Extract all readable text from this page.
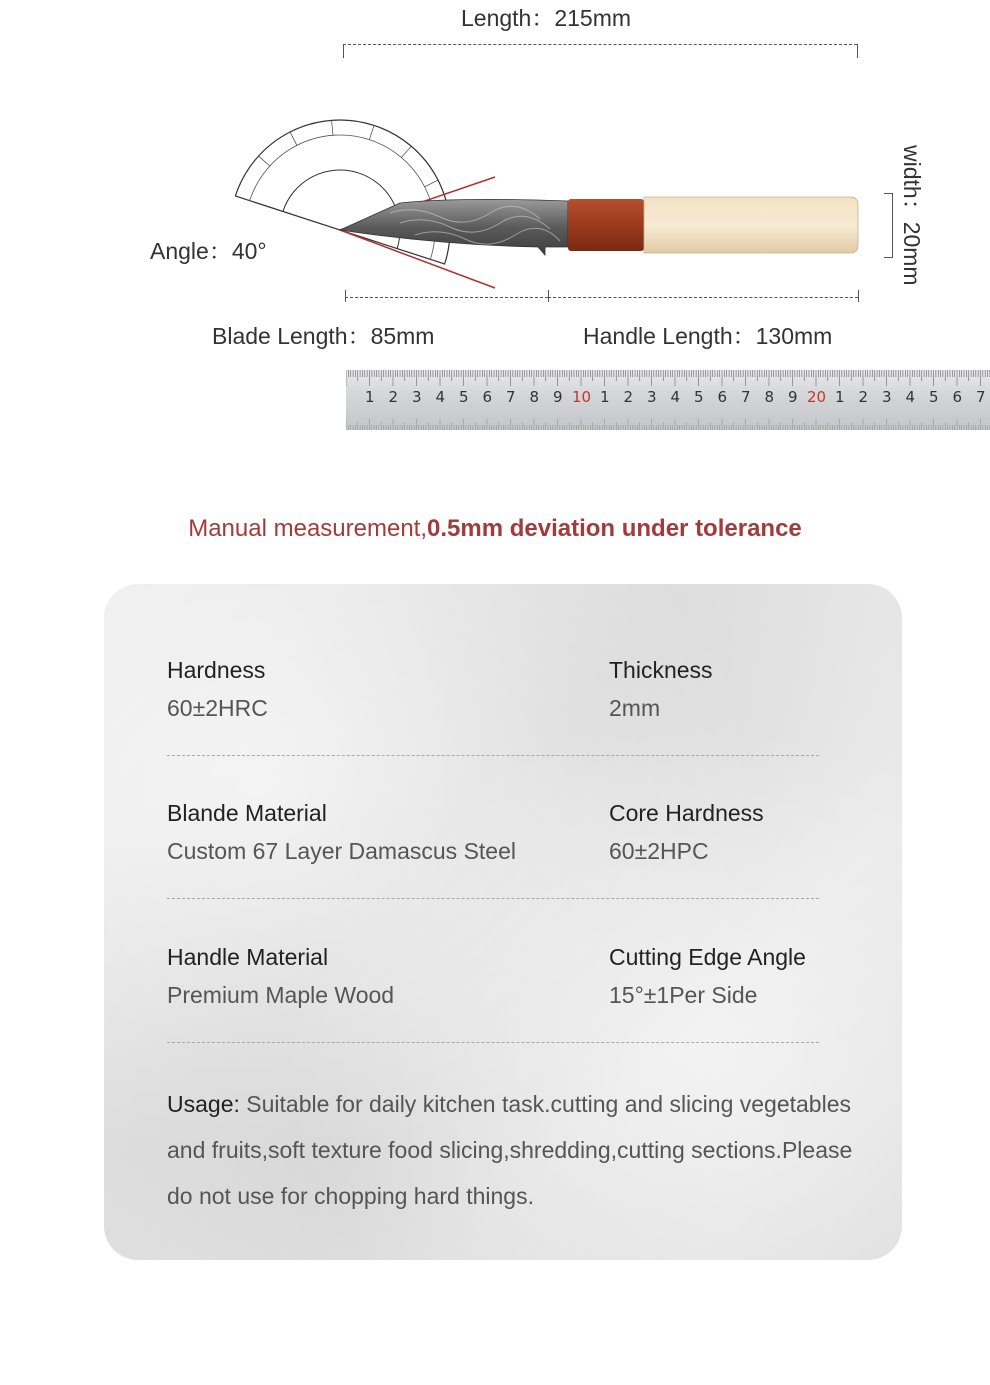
Length：215mm
width：20mm
Angle：40°
Blade Length：85mm	Handle Length：130mm
1 2 3 4 5 6 7 8 9 10 1 2 3 4 5 6 7 8 9 20 1 2 3 4 5 6 7
Manual measurement,0.5mm deviation under tolerance
Hardness
60±2HRC
Thickness
2mm
Blande Material
Custom 67 Layer Damascus Steel
Core Hardness
60±2HPC
Handle Material
Premium Maple Wood
Cutting Edge Angle
15°±1Per Side
Usage: Suitable for daily kitchen task.cutting and slicing vegetables and fruits,soft texture food slicing,shredding,cutting sections.Please do not use for chopping hard things.
